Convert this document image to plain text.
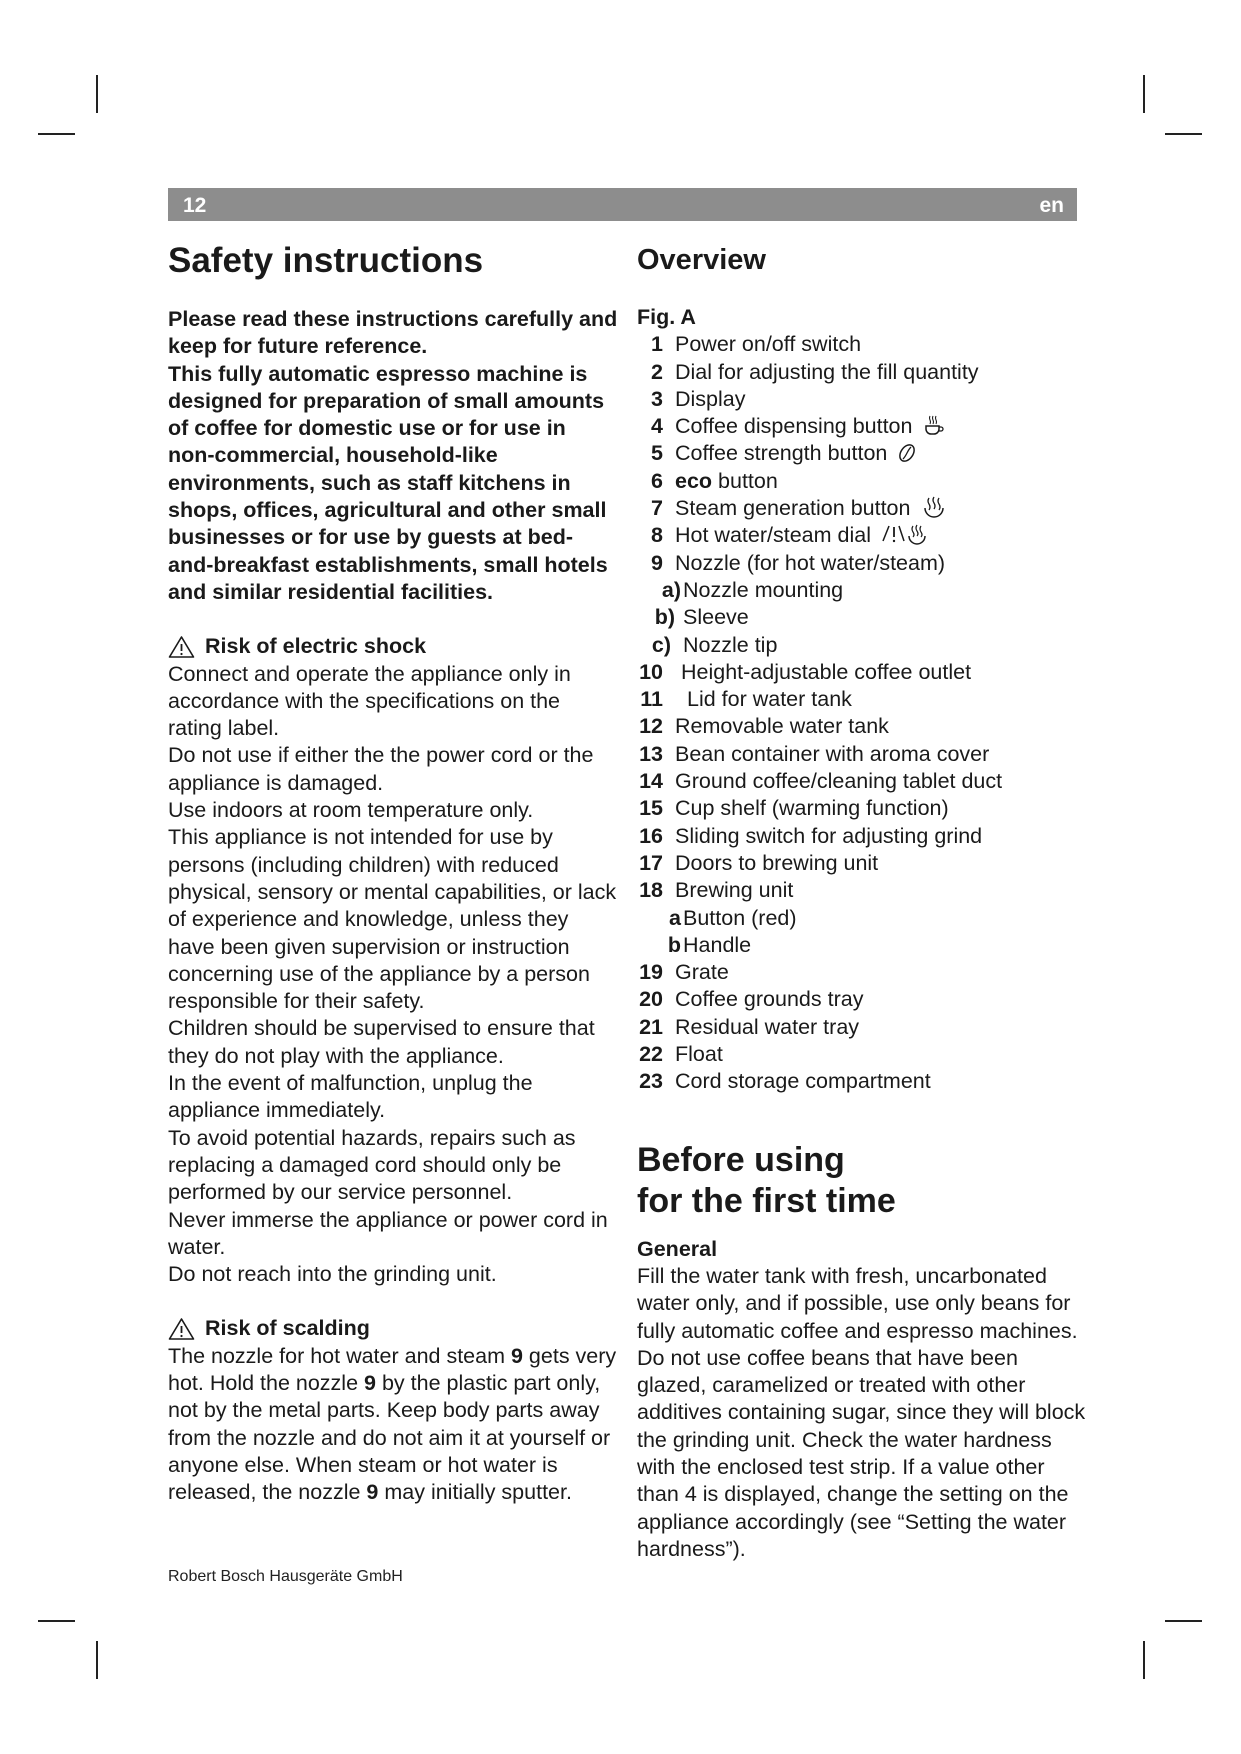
12	en
Safety instructions

Please read these instructions carefully and keep for future reference.

This fully automatic espresso machine is designed for preparation of small amounts of coffee for domestic use or for use in non-commercial, household-like environments, such as staff kitchens in shops, offices, agricultural and other small businesses or for use by guests at bed-and-breakfast establishments, small hotels and similar residential facilities.

Risk of electric shock

Connect and operate the appliance only in accordance with the specifications on the rating label.

Do not use if either the the power cord or the appliance is damaged.

Use indoors at room temperature only.

This appliance is not intended for use by persons (including children) with reduced physical, sensory or mental capabilities, or lack of experience and knowledge, unless they have been given supervision or instruction concerning use of the appliance by a person responsible for their safety.

Children should be supervised to ensure that they do not play with the appliance.

In the event of malfunction, unplug the appliance immediately.

To avoid potential hazards, repairs such as replacing a damaged cord should only be performed by our service personnel.

Never immerse the appliance or power cord in water.

Do not reach into the grinding unit.

Risk of scalding

The nozzle for hot water and steam 9 gets very hot. Hold the nozzle 9 by the plastic part only, not by the metal parts. Keep body parts away from the nozzle and do not aim it at yourself or anyone else. When steam or hot water is released, the nozzle 9 may initially sputter.

Overview
Fig. A
1 Power on/off switch
2 Dial for adjusting the fill quantity
3 Display
4 Coffee dispensing button
5 Coffee strength button
6 eco button
7 Steam generation button
8 Hot water/steam dial
9 Nozzle (for hot water/steam)
a) Nozzle mounting
b) Sleeve
c) Nozzle tip
10 Height-adjustable coffee outlet
11 Lid for water tank
12 Removable water tank
13 Bean container with aroma cover
14 Ground coffee/cleaning tablet duct
15 Cup shelf (warming function)
16 Sliding switch for adjusting grind
17 Doors to brewing unit
18 Brewing unit
a Button (red)
b Handle
19 Grate
20 Coffee grounds tray
21 Residual water tray
22 Float
23 Cord storage compartment
Before using
for the first time
General
Fill the water tank with fresh, uncarbonated water only, and if possible, use only beans for fully automatic coffee and espresso machines. Do not use coffee beans that have been glazed, caramelized or treated with other additives containing sugar, since they will block the grinding unit. Check the water hardness with the enclosed test strip. If a value other than 4 is displayed, change the setting on the appliance accordingly (see “Setting the water hardness”).
Robert Bosch Hausgeräte GmbH
